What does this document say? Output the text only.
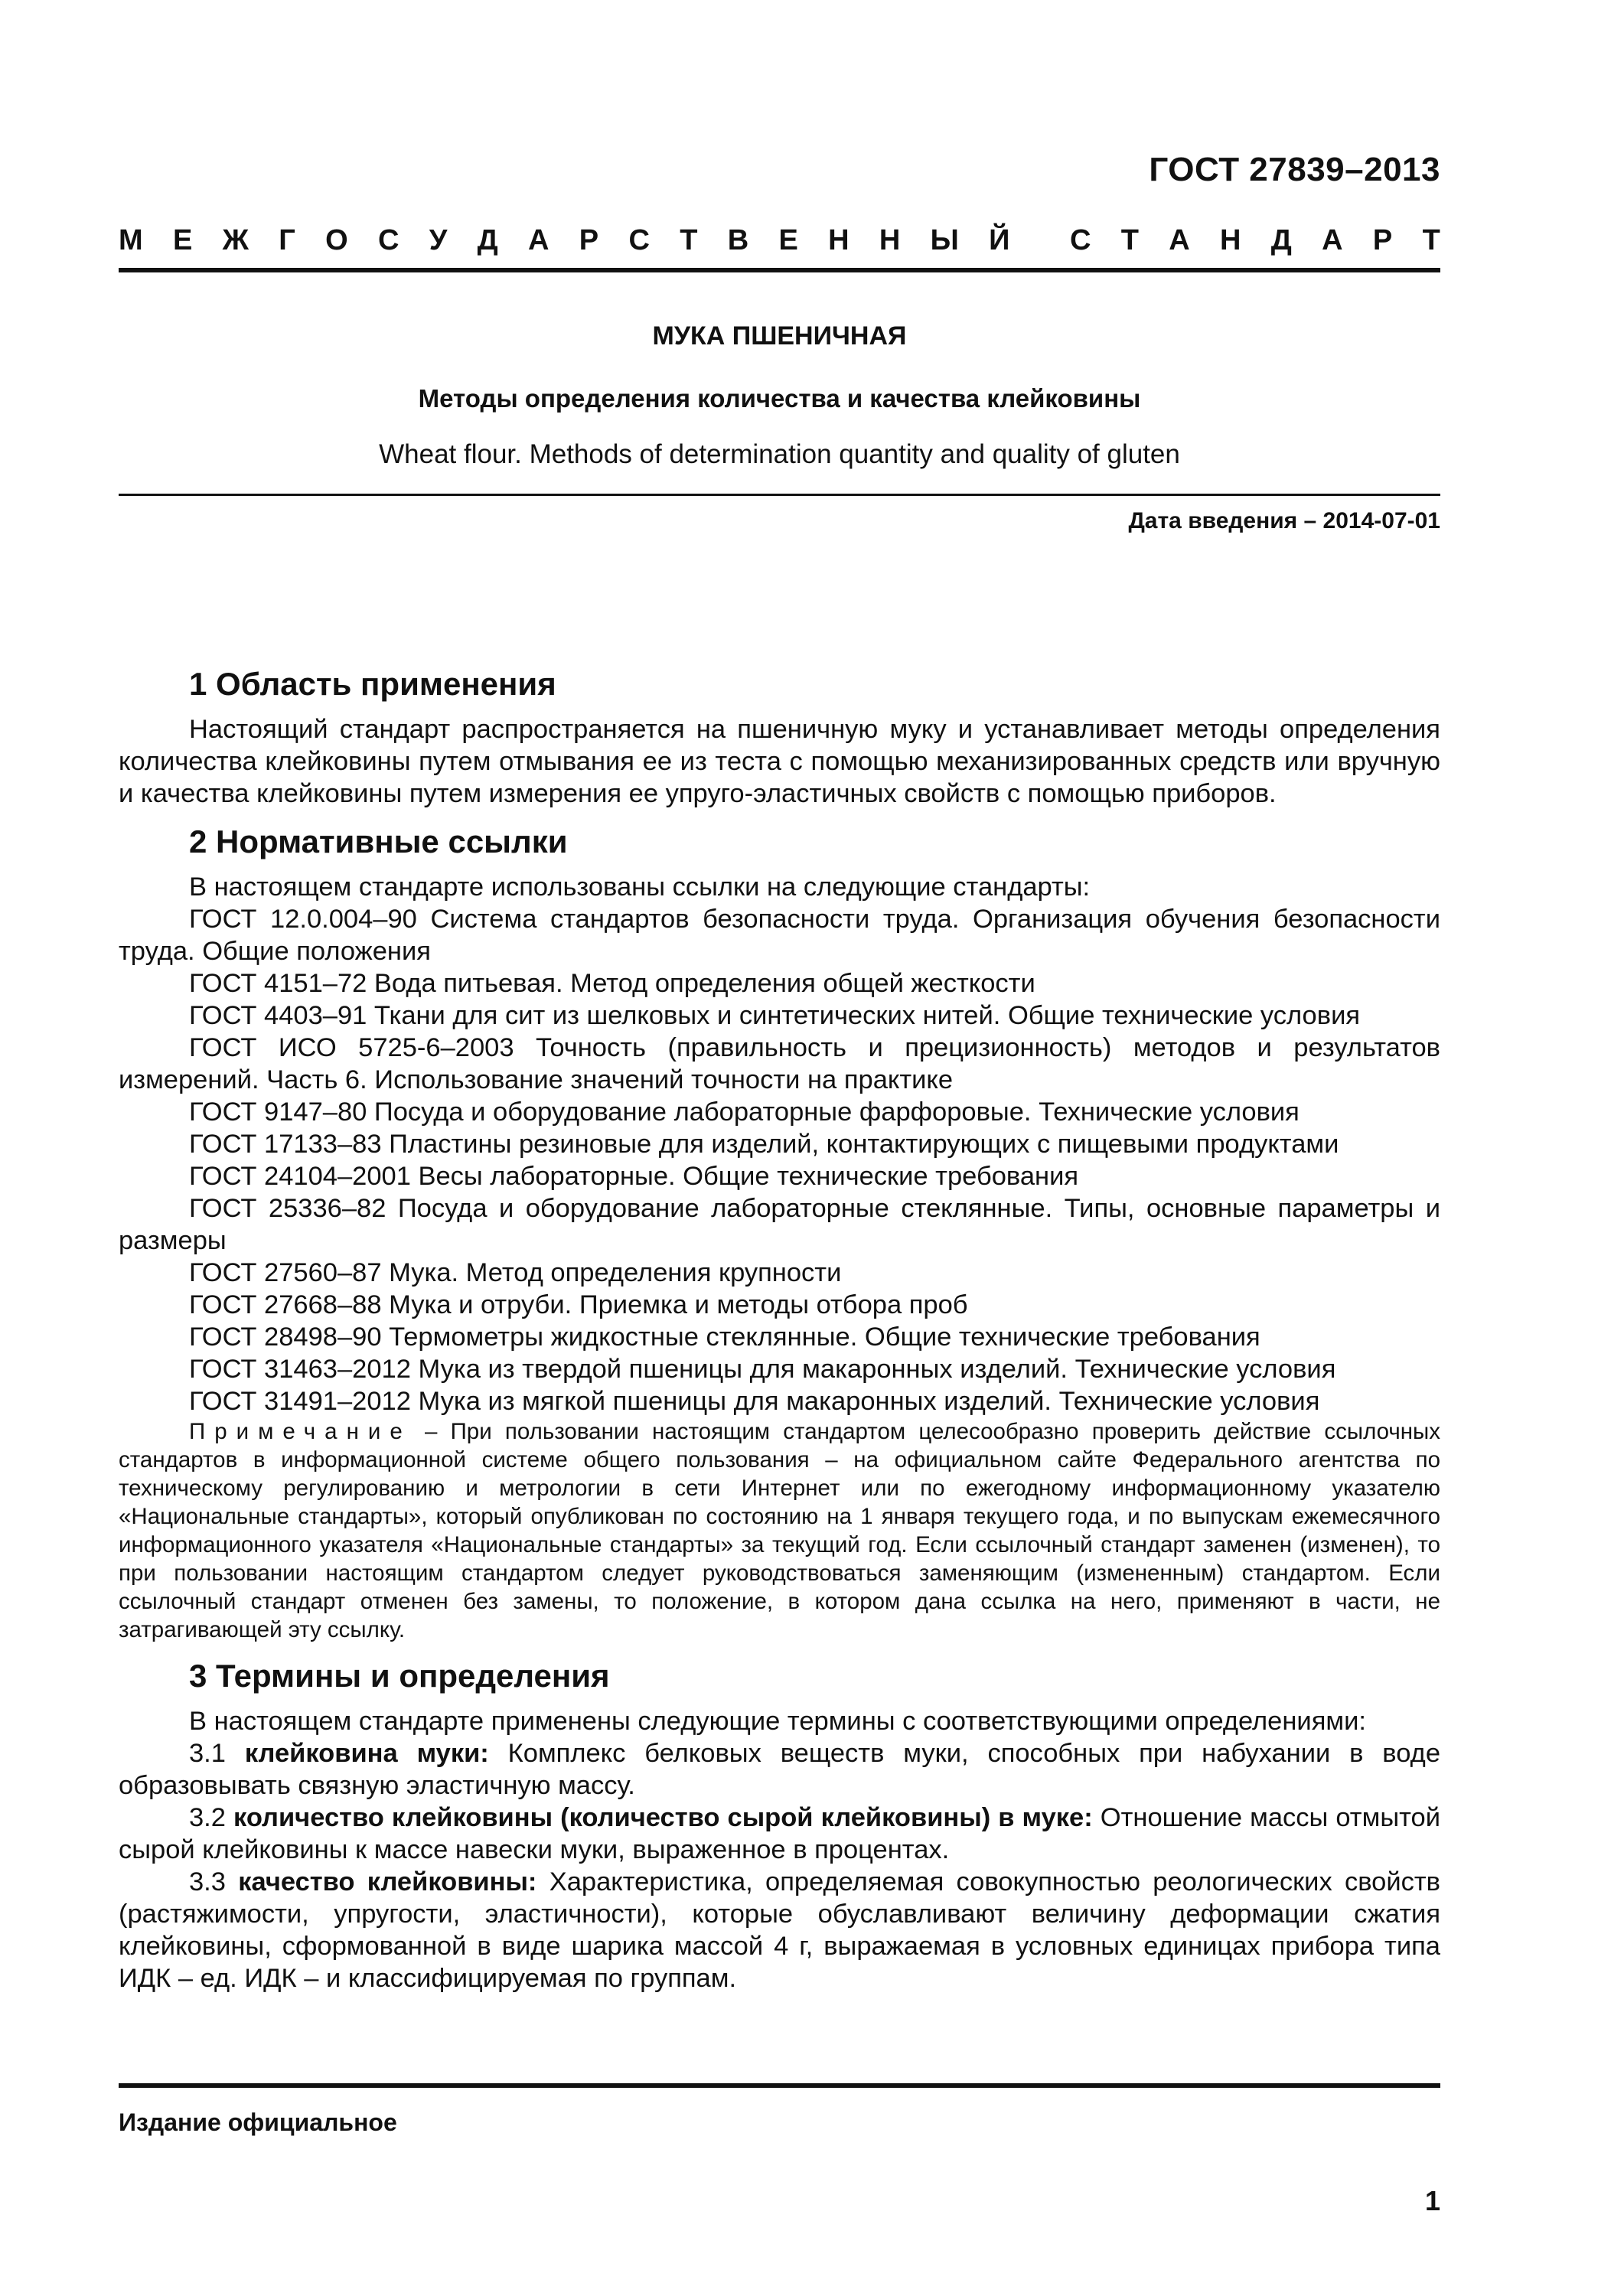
ГОСТ 27839–2013
М Е Ж Г О С У Д А Р С Т В Е Н Н Ы Й С Т А Н Д А Р Т
МУКА ПШЕНИЧНАЯ
Методы определения количества и качества клейковины
Wheat flour. Methods of determination quantity and quality of gluten
Дата введения – 2014-07-01
1 Область применения

Настоящий стандарт распространяется на пшеничную муку и устанавливает методы определения количества клейковины путем отмывания ее из теста с помощью механизированных средств или вручную и качества клейковины путем измерения ее упруго-эластичных свойств с помощью приборов.

2 Нормативные ссылки

В настоящем стандарте использованы ссылки на следующие стандарты:

ГОСТ 12.0.004–90 Система стандартов безопасности труда. Организация обучения безопасности труда. Общие положения

ГОСТ 4151–72 Вода питьевая. Метод определения общей жесткости

ГОСТ 4403–91 Ткани для сит из шелковых и синтетических нитей. Общие технические условия

ГОСТ ИСО 5725-6–2003 Точность (правильность и прецизионность) методов и результатов измерений. Часть 6. Использование значений точности на практике

ГОСТ 9147–80 Посуда и оборудование лабораторные фарфоровые. Технические условия

ГОСТ 17133–83 Пластины резиновые для изделий, контактирующих с пищевыми продуктами

ГОСТ 24104–2001 Весы лабораторные. Общие технические требования

ГОСТ 25336–82 Посуда и оборудование лабораторные стеклянные. Типы, основные параметры и размеры

ГОСТ 27560–87 Мука. Метод определения крупности

ГОСТ 27668–88 Мука и отруби. Приемка и методы отбора проб

ГОСТ 28498–90 Термометры жидкостные стеклянные. Общие технические требования

ГОСТ 31463–2012 Мука из твердой пшеницы для макаронных изделий. Технические условия

ГОСТ 31491–2012 Мука из мягкой пшеницы для макаронных изделий. Технические условия

Примечание – При пользовании настоящим стандартом целесообразно проверить действие ссылочных стандартов в информационной системе общего пользования – на официальном сайте Федерального агентства по техническому регулированию и метрологии в сети Интернет или по ежегодному информационному указателю «Национальные стандарты», который опубликован по состоянию на 1 января текущего года, и по выпускам ежемесячного информационного указателя «Национальные стандарты» за текущий год. Если ссылочный стандарт заменен (изменен), то при пользовании настоящим стандартом следует руководствоваться заменяющим (измененным) стандартом. Если ссылочный стандарт отменен без замены, то положение, в котором дана ссылка на него, применяют в части, не затрагивающей эту ссылку.

3 Термины и определения

В настоящем стандарте применены следующие термины с соответствующими определениями:

3.1 клейковина муки: Комплекс белковых веществ муки, способных при набухании в воде образовывать связную эластичную массу.

3.2 количество клейковины (количество сырой клейковины) в муке: Отношение массы отмытой сырой клейковины к массе навески муки, выраженное в процентах.

3.3 качество клейковины: Характеристика, определяемая совокупностью реологических свойств (растяжимости, упругости, эластичности), которые обуславливают величину деформации сжатия клейковины, сформованной в виде шарика массой 4 г, выражаемая в условных единицах прибора типа ИДК – ед. ИДК – и классифицируемая по группам.

Издание официальное
1
